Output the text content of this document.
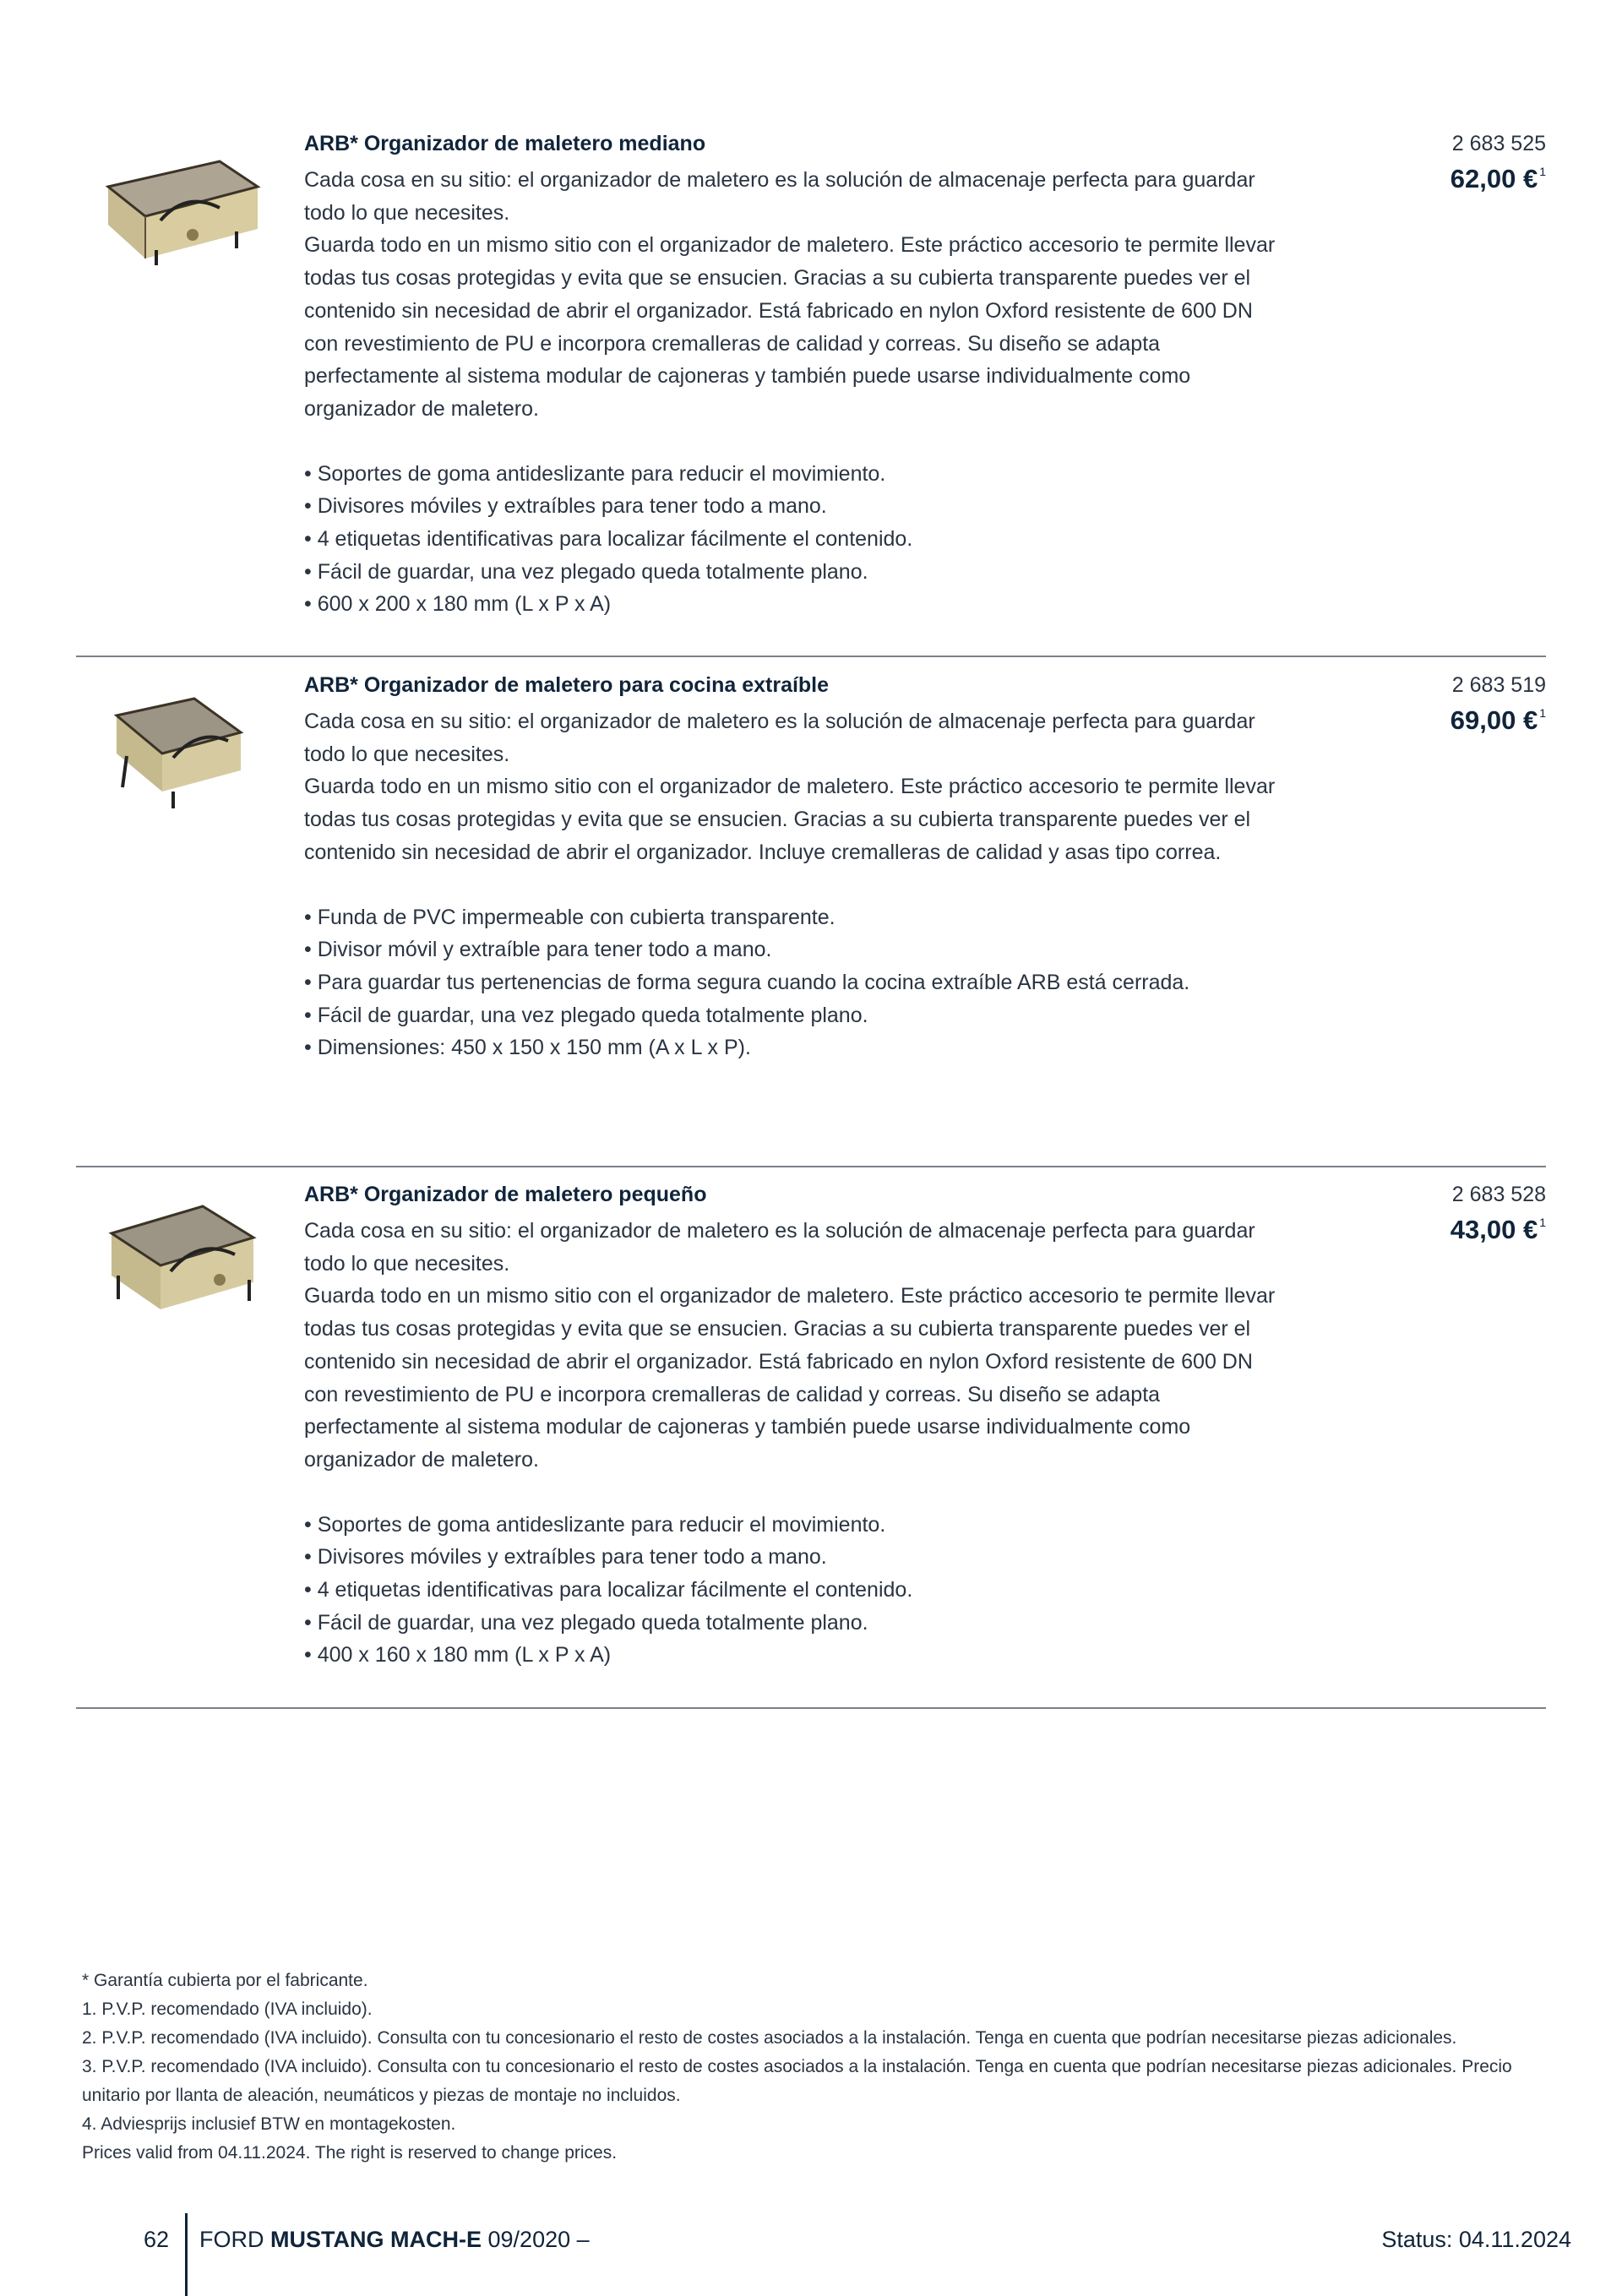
ARB* Organizador de maletero mediano	2 683 525
62,00 € $^1$

Cada cosa en su sitio: el organizador de maletero es la solución de almacenaje perfecta para guardar todo lo que necesites.

Guarda todo en un mismo sitio con el organizador de maletero. Este práctico accesorio te permite llevar todas tus cosas protegidas y evita que se ensucien. Gracias a su cubierta transparente puedes ver el contenido sin necesidad de abrir el organizador. Está fabricado en nylon Oxford resistente de 600 DN con revestimiento de PU e incorpora cremalleras de calidad y correas. Su diseño se adapta perfectamente al sistema modular de cajoneras y también puede usarse individualmente como organizador de maletero.

• Soportes de goma antideslizante para reducir el movimiento.
• Divisores móviles y extraíbles para tener todo a mano.
• 4 etiquetas identificativas para localizar fácilmente el contenido.
• Fácil de guardar, una vez plegado queda totalmente plano.
• 600 x 200 x 180 mm (L x P x A)
ARB* Organizador de maletero para cocina extraíble	2 683 519
69,00 € $^1$

Cada cosa en su sitio: el organizador de maletero es la solución de almacenaje perfecta para guardar todo lo que necesites.

Guarda todo en un mismo sitio con el organizador de maletero. Este práctico accesorio te permite llevar todas tus cosas protegidas y evita que se ensucien. Gracias a su cubierta transparente puedes ver el contenido sin necesidad de abrir el organizador. Incluye cremalleras de calidad y asas tipo correa.

• Funda de PVC impermeable con cubierta transparente.
• Divisor móvil y extraíble para tener todo a mano.
• Para guardar tus pertenencias de forma segura cuando la cocina extraíble ARB está cerrada.
• Fácil de guardar, una vez plegado queda totalmente plano.
• Dimensiones: 450 x 150 x 150 mm (A x L x P).
ARB* Organizador de maletero pequeño	2 683 528
43,00 € $^1$

Cada cosa en su sitio: el organizador de maletero es la solución de almacenaje perfecta para guardar todo lo que necesites.

Guarda todo en un mismo sitio con el organizador de maletero. Este práctico accesorio te permite llevar todas tus cosas protegidas y evita que se ensucien. Gracias a su cubierta transparente puedes ver el contenido sin necesidad de abrir el organizador. Está fabricado en nylon Oxford resistente de 600 DN con revestimiento de PU e incorpora cremalleras de calidad y correas. Su diseño se adapta perfectamente al sistema modular de cajoneras y también puede usarse individualmente como organizador de maletero.

• Soportes de goma antideslizante para reducir el movimiento.
• Divisores móviles y extraíbles para tener todo a mano.
• 4 etiquetas identificativas para localizar fácilmente el contenido.
• Fácil de guardar, una vez plegado queda totalmente plano.
• 400 x 160 x 180 mm (L x P x A)
* Garantía cubierta por el fabricante.
1. P.V.P. recomendado (IVA incluido).
2. P.V.P. recomendado (IVA incluido). Consulta con tu concesionario el resto de costes asociados a la instalación. Tenga en cuenta que podrían necesitarse piezas adicionales.
3. P.V.P. recomendado (IVA incluido). Consulta con tu concesionario el resto de costes asociados a la instalación. Tenga en cuenta que podrían necesitarse piezas adicionales. Precio unitario por llanta de aleación, neumáticos y piezas de montaje no incluidos.
4. Adviesprijs inclusief BTW en montagekosten.
Prices valid from 04.11.2024. The right is reserved to change prices.
62 FORD MUSTANG MACH-E 09/2020 –	Status: 04.11.2024
